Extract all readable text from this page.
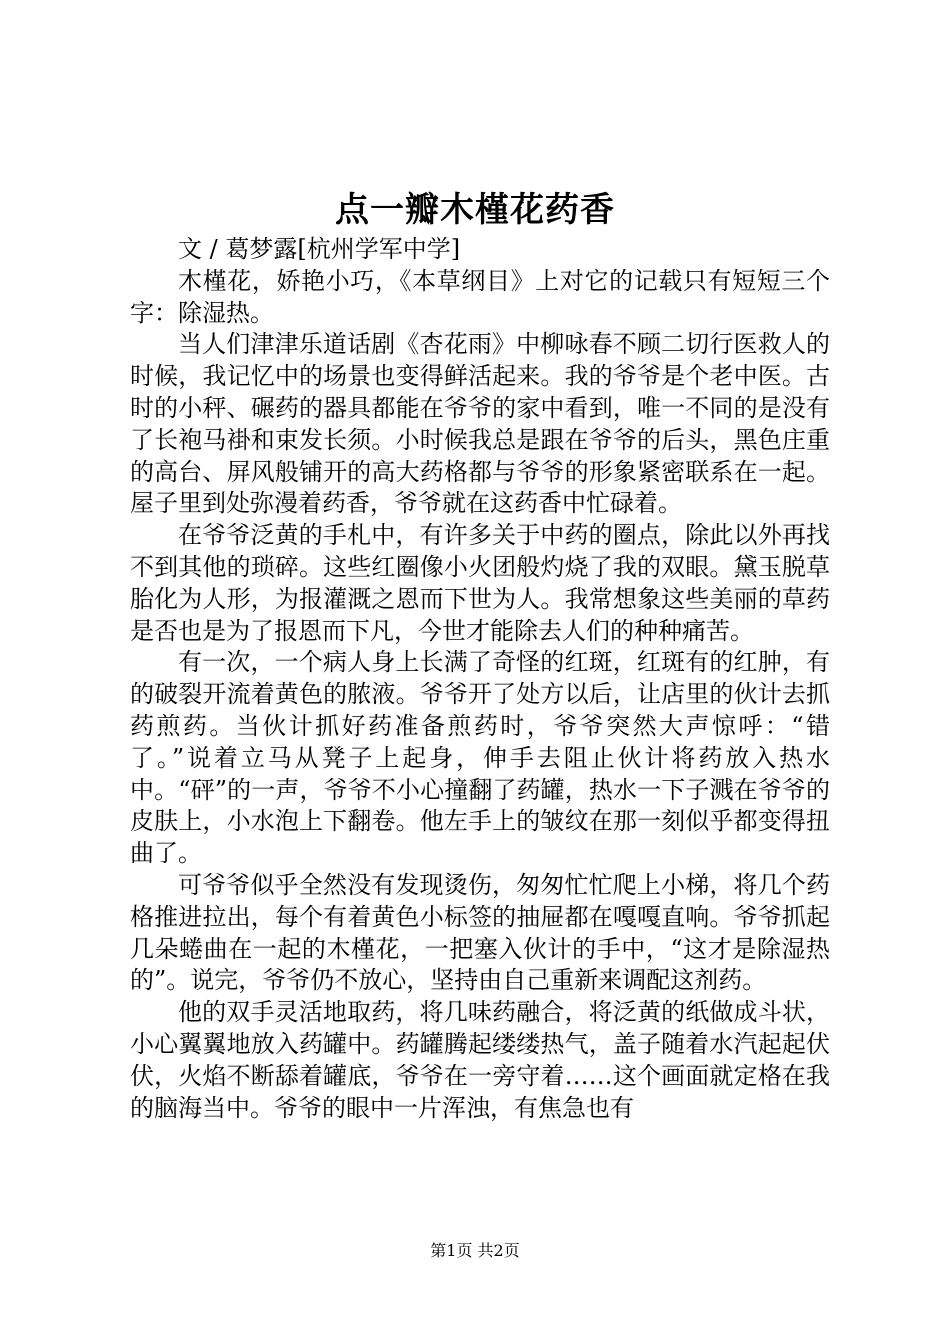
点一瓣木槿花药香

文 / 葛梦露[杭州学军中学]

木槿花，娇艳小巧，《本草纲目》上对它的记载只有短短三个字：除湿热。

当人们津津乐道话剧《杏花雨》中柳咏春不顾二切行医救人的时候，我记忆中的场景也变得鲜活起来。我的爷爷是个老中医。古时的小秤、碾药的器具都能在爷爷的家中看到，唯一不同的是没有了长袍马褂和束发长须。小时候我总是跟在爷爷的后头，黑色庄重的高台、屏风般铺开的高大药格都与爷爷的形象紧密联系在一起。屋子里到处弥漫着药香，爷爷就在这药香中忙碌着。

在爷爷泛黄的手札中，有许多关于中药的圈点，除此以外再找不到其他的琐碎。这些红圈像小火团般灼烧了我的双眼。黛玉脱草胎化为人形，为报灌溉之恩而下世为人。我常想象这些美丽的草药是否也是为了报恩而下凡，今世才能除去人们的种种痛苦。

有一次，一个病人身上长满了奇怪的红斑，红斑有的红肿，有的破裂开流着黄色的脓液。爷爷开了处方以后，让店里的伙计去抓药煎药。当伙计抓好药准备煎药时，爷爷突然大声惊呼：“错了。”说着立马从凳子上起身，伸手去阻止伙计将药放入热水中。“砰”的一声，爷爷不小心撞翻了药罐，热水一下子溅在爷爷的皮肤上，小水泡上下翻卷。他左手上的皱纹在那一刻似乎都变得扭曲了。

可爷爷似乎全然没有发现烫伤，匆匆忙忙爬上小梯，将几个药格推进拉出，每个有着黄色小标签的抽屉都在嘎嘎直响。爷爷抓起几朵蜷曲在一起的木槿花，一把塞入伙计的手中，“这才是除湿热的”。说完，爷爷仍不放心，坚持由自己重新来调配这剂药。

他的双手灵活地取药，将几味药融合，将泛黄的纸做成斗状，小心翼翼地放入药罐中。药罐腾起缕缕热气，盖子随着水汽起起伏伏，火焰不断舔着罐底，爷爷在一旁守着……这个画面就定格在我的脑海当中。爷爷的眼中一片浑浊，有焦急也有

第1页 共2页
